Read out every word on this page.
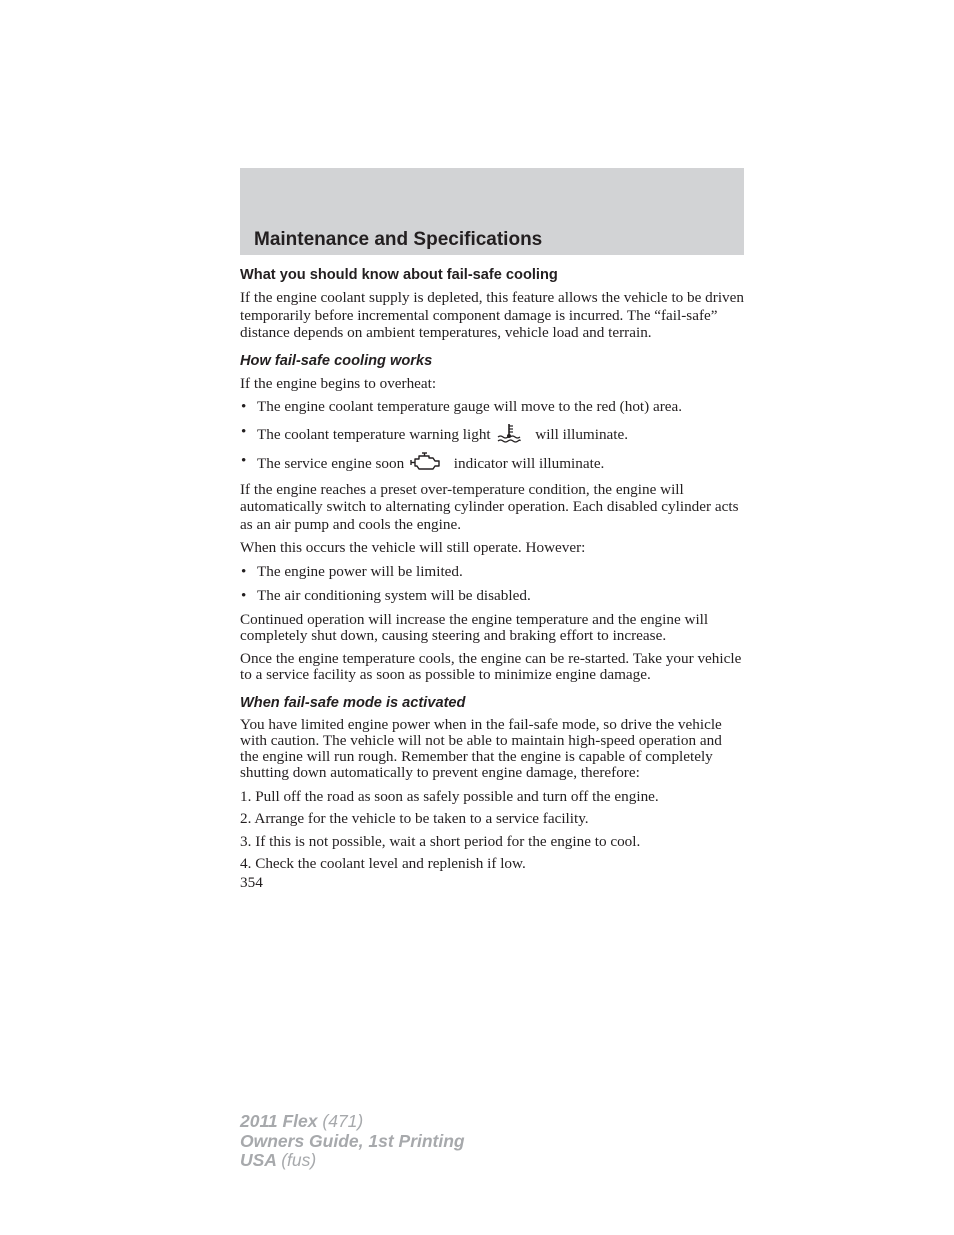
Maintenance and Specifications
What you should know about fail-safe cooling

If the engine coolant supply is depleted, this feature allows the vehicle to be driven temporarily before incremental component damage is incurred. The “fail-safe” distance depends on ambient temperatures, vehicle load and terrain.

How fail-safe cooling works

If the engine begins to overheat:

• The engine coolant temperature gauge will move to the red (hot) area.
• The coolant temperature warning light	will illuminate.
• The service engine soon	indicator will illuminate.

If the engine reaches a preset over-temperature condition, the engine will automatically switch to alternating cylinder operation. Each disabled cylinder acts as an air pump and cools the engine.

When this occurs the vehicle will still operate. However:

• The engine power will be limited.
• The air conditioning system will be disabled.

Continued operation will increase the engine temperature and the engine will completely shut down, causing steering and braking effort to increase.

Once the engine temperature cools, the engine can be re-started. Take your vehicle to a service facility as soon as possible to minimize engine damage.

When fail-safe mode is activated

You have limited engine power when in the fail-safe mode, so drive the vehicle with caution. The vehicle will not be able to maintain high-speed operation and the engine will run rough. Remember that the engine is capable of completely shutting down automatically to prevent engine damage, therefore:

1. Pull off the road as soon as safely possible and turn off the engine.
2. Arrange for the vehicle to be taken to a service facility.
3. If this is not possible, wait a short period for the engine to cool.
4. Check the coolant level and replenish if low.
354
2011 Flex (471)
Owners Guide, 1st Printing
USA (fus)
